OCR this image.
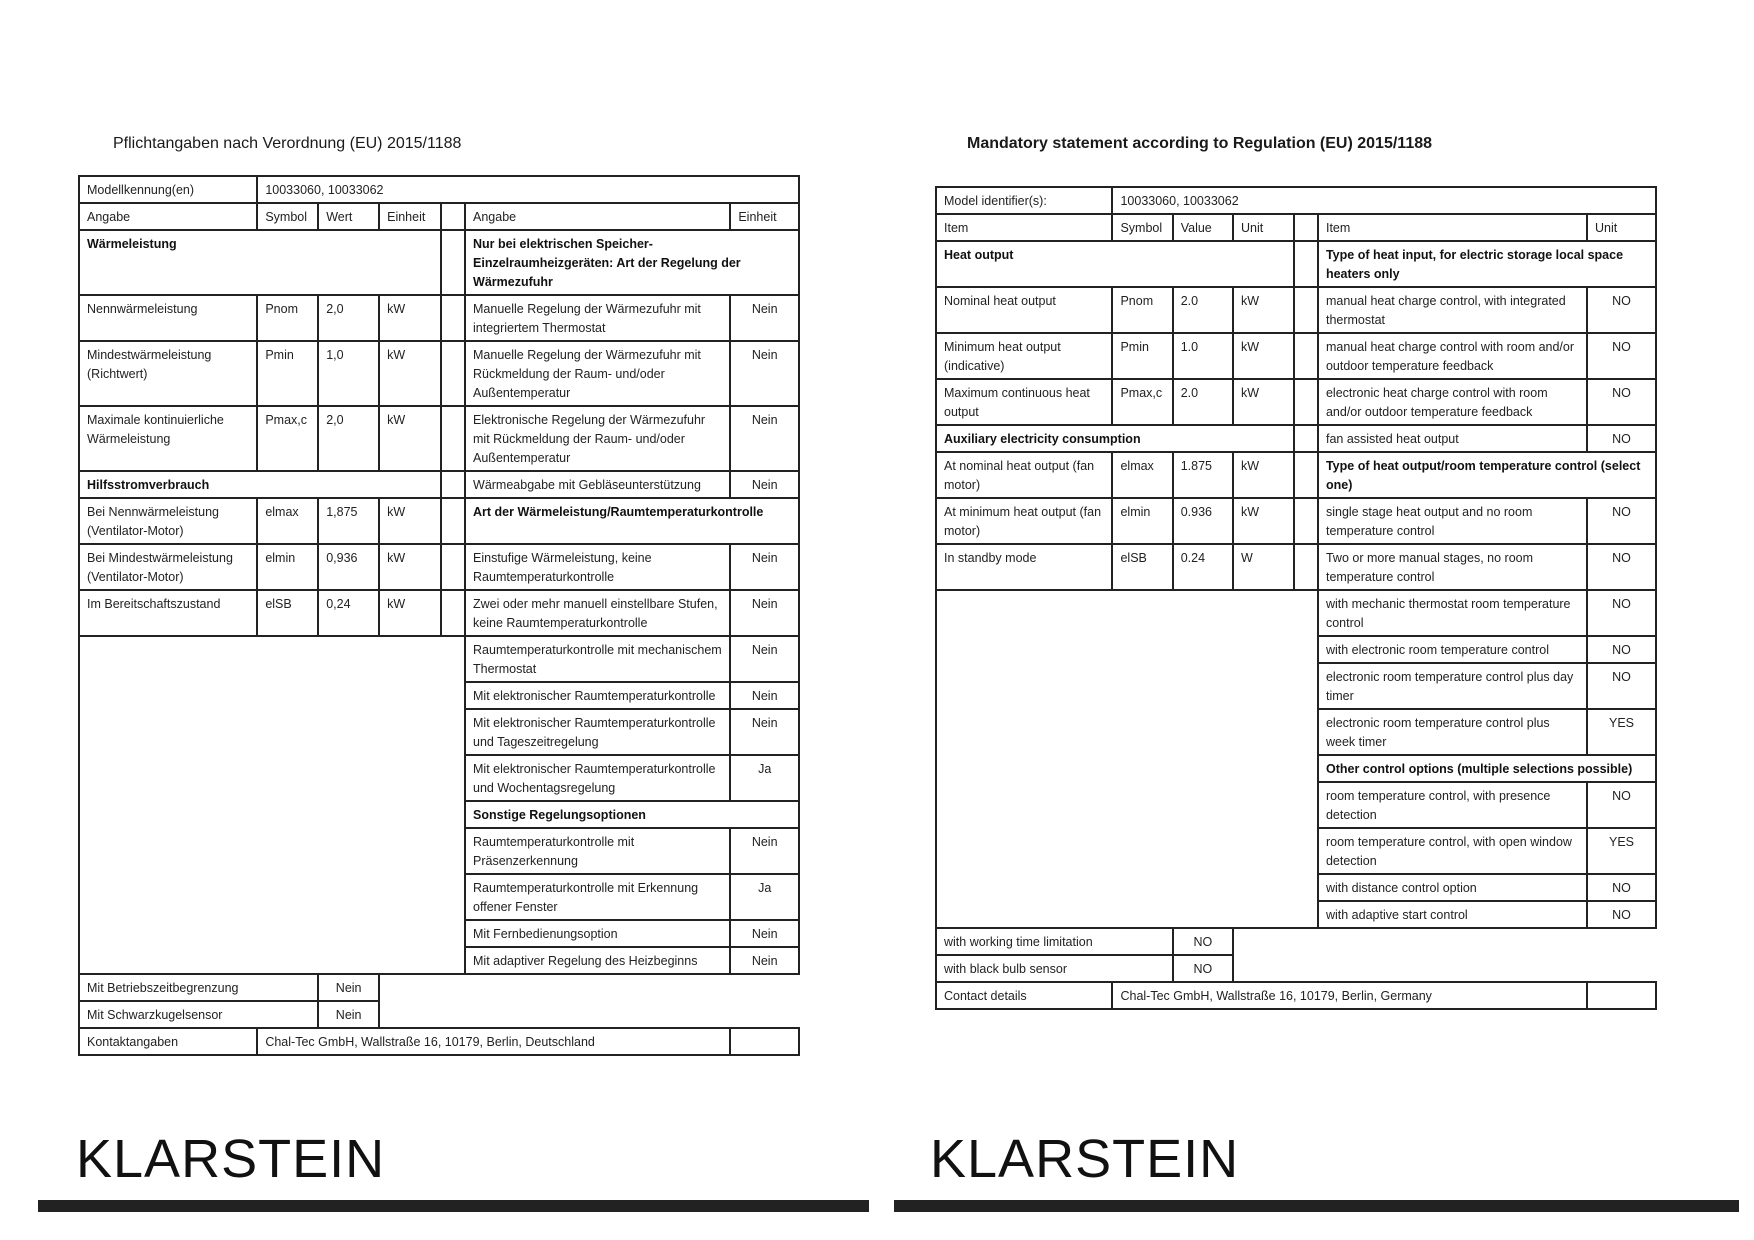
Pflichtangaben nach Verordnung (EU) 2015/1188
Modellkennung(en)	10033060, 10033062					
Angabe	Symbol	Wert	Einheit		Angabe	Einheit
Wärmeleistung					Nur bei elektrischen Speicher-Einzelraumheizgeräten: Art der Regelung der Wärmezufuhr	
Nennwärmeleistung	Pnom	2,0	kW		Manuelle Regelung der Wärmezufuhr mit integriertem Thermostat	Nein
Mindestwärmeleistung (Richtwert)	Pmin	1,0	kW		Manuelle Regelung der Wärmezufuhr mit Rückmeldung der Raum- und/oder Außentemperatur	Nein
Maximale kontinuierliche Wärmeleistung	Pmax,c	2,0	kW		Elektronische Regelung der Wärmezufuhr mit Rückmeldung der Raum- und/oder Außentemperatur	Nein
Hilfsstromverbrauch					Wärmeabgabe mit Gebläseunterstützung	Nein
Bei Nennwärmeleistung (Ventilator-Motor)	elmax	1,875	kW		Art der Wärmeleistung/Raumtemperaturkontrolle	
Bei Mindestwärmeleistung (Ventilator-Motor)	elmin	0,936	kW		Einstufige Wärmeleistung, keine Raumtemperaturkontrolle	Nein
Im Bereitschaftszustand	elSB	0,24	kW		Zwei oder mehr manuell einstellbare Stufen, keine Raumtemperaturkontrolle	Nein
					Raumtemperaturkontrolle mit mechanischem Thermostat	Nein
					Mit elektronischer Raumtemperaturkontrolle	Nein
					Mit elektronischer Raumtemperaturkontrolle und Tageszeitregelung	Nein
					Mit elektronischer Raumtemperaturkontrolle und Wochentagsregelung	Ja
					Sonstige Regelungsoptionen	
					Raumtemperaturkontrolle mit Präsenzerkennung	Nein
					Raumtemperaturkontrolle mit Erkennung offener Fenster	Ja
					Mit Fernbedienungsoption	Nein
					Mit adaptiver Regelung des Heizbeginns	Nein
Mit Betriebszeitbegrenzung		Nein				
Mit Schwarzkugelsensor		Nein				
Kontaktangaben	Chal-Tec GmbH, Wallstraße 16, 10179, Berlin, Deutschland					
KLARSTEIN
Mandatory statement according to Regulation (EU) 2015/1188
Model identifier(s):	10033060, 10033062					
Item	Symbol	Value	Unit		Item	Unit
Heat output					Type of heat input, for electric storage local space heaters only	
Nominal heat output	Pnom	2.0	kW		manual heat charge control, with integrated thermostat	NO
Minimum heat output (indicative)	Pmin	1.0	kW		manual heat charge control with room and/or outdoor temperature feedback	NO
Maximum continuous heat output	Pmax,c	2.0	kW		electronic heat charge control with room and/or outdoor temperature feedback	NO
Auxiliary electricity consumption					fan assisted heat output	NO
At nominal heat output (fan motor)	elmax	1.875	kW		Type of heat output/room temperature control (select one)	
At minimum heat output (fan motor)	elmin	0.936	kW		single stage heat output and no room temperature control	NO
In standby mode	elSB	0.24	W		Two or more manual stages, no room temperature control	NO
					with mechanic thermostat room temperature control	NO
					with electronic room temperature control	NO
					electronic room temperature control plus day timer	NO
					electronic room temperature control plus week timer	YES
					Other control options (multiple selections possible)	
					room temperature control, with presence detection	NO
					room temperature control, with open window detection	YES
					with distance control option	NO
					with adaptive start control	NO
with working time limitation		NO				
with black bulb sensor		NO				
Contact details	Chal-Tec GmbH, Wallstraße 16, 10179, Berlin, Germany					
KLARSTEIN
